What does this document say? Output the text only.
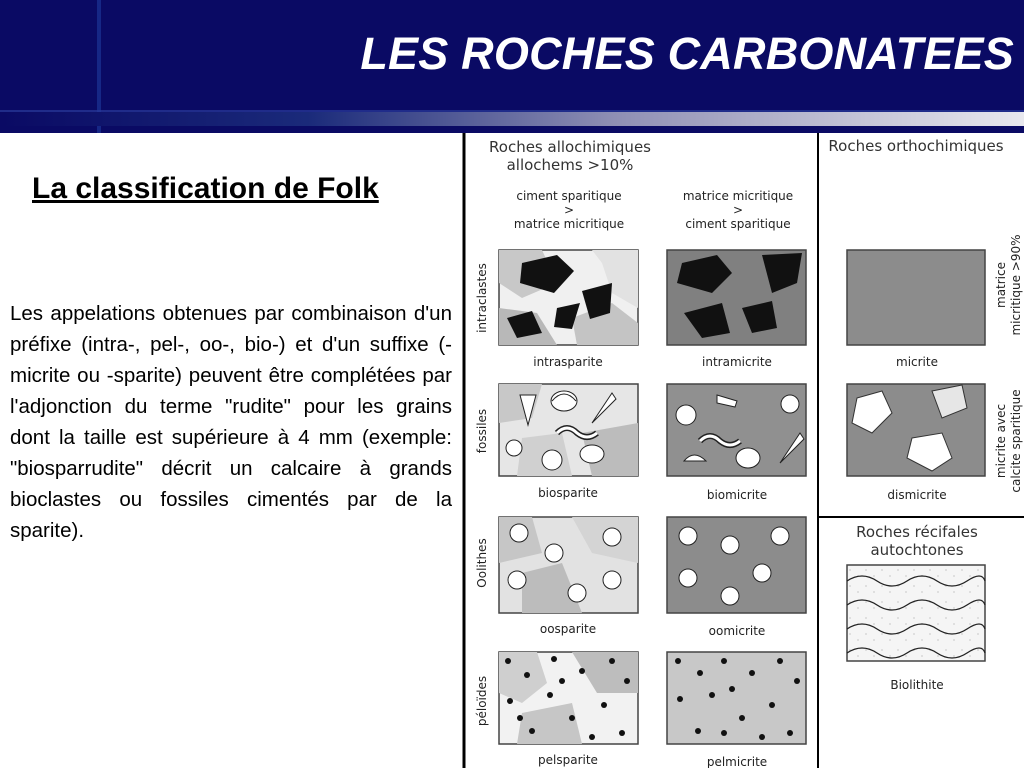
LES ROCHES CARBONATEES
La classification de Folk

Les appelations obtenues par combinaison d'un préfixe (intra-, pel-, oo-, bio-) et d'un suffixe (-micrite ou -sparite) peuvent être complétées par l'adjonction du terme "rudite" pour les grains dont la taille est supérieure à 4 mm (exemple: "biosparrudite" décrit un calcaire à grands bioclastes ou fossiles cimentés par de la sparite).

Roches allochimiques
allochems >10%
ciment sparitique
>
matrice micritique
matrice micritique
>
ciment sparitique
Roches orthochimiques
Roches récifales
autochtones
intraclastes
fossiles
Oolithes
péloïdes
matrice micritique >90%
micrite avec calcite sparitique
intrasparite	intramicrite	micrite
biosparite	biomicrite	dismicrite
oosparite	oomicrite
Biolithite
pelsparite	pelmicrite
